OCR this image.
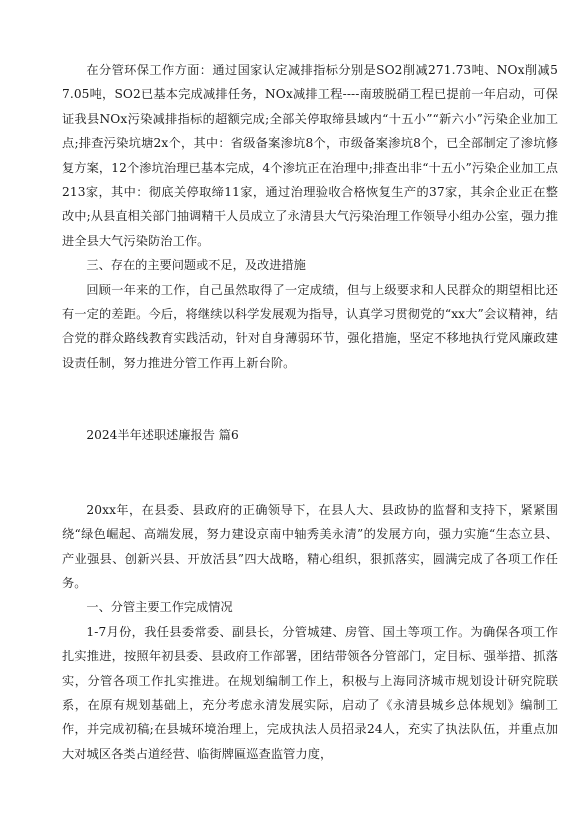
在分管环保工作方面：通过国家认定减排指标分别是SO2削减271.73吨、NOx削减57.05吨，SO2已基本完成减排任务，NOx减排工程----南玻脱硝工程已提前一年启动，可保证我县NOx污染减排指标的超额完成;全部关停取缔县域内“十五小”“新六小”污染企业加工点;排查污染坑塘2x个，其中：省级备案渗坑8个，市级备案渗坑8个，已全部制定了渗坑修复方案，12个渗坑治理已基本完成，4个渗坑正在治理中;排查出非“十五小”污染企业加工点213家，其中：彻底关停取缔11家，通过治理验收合格恢复生产的37家，其余企业正在整改中;从县直相关部门抽调精干人员成立了永清县大气污染治理工作领导小组办公室，强力推进全县大气污染防治工作。

三、存在的主要问题或不足，及改进措施

回顾一年来的工作，自己虽然取得了一定成绩，但与上级要求和人民群众的期望相比还有一定的差距。今后，将继续以科学发展观为指导，认真学习贯彻党的“xx大”会议精神，结合党的群众路线教育实践活动，针对自身薄弱环节，强化措施，坚定不移地执行党风廉政建设责任制，努力推进分管工作再上新台阶。

2024半年述职述廉报告 篇6

20xx年，在县委、县政府的正确领导下，在县人大、县政协的监督和支持下，紧紧围绕“绿色崛起、高端发展，努力建设京南中轴秀美永清”的发展方向，强力实施“生态立县、产业强县、创新兴县、开放活县”四大战略，精心组织，狠抓落实，圆满完成了各项工作任务。

一、分管主要工作完成情况

1-7月份，我任县委常委、副县长，分管城建、房管、国土等项工作。为确保各项工作扎实推进，按照年初县委、县政府工作部署，团结带领各分管部门，定目标、强举措、抓落实，分管各项工作扎实推进。在规划编制工作上，积极与上海同济城市规划设计研究院联系，在原有规划基础上，充分考虑永清发展实际，启动了《永清县城乡总体规划》编制工作，并完成初稿;在县城环境治理上，完成执法人员招录24人，充实了执法队伍，并重点加大对城区各类占道经营、临街牌匾巡查监管力度，
